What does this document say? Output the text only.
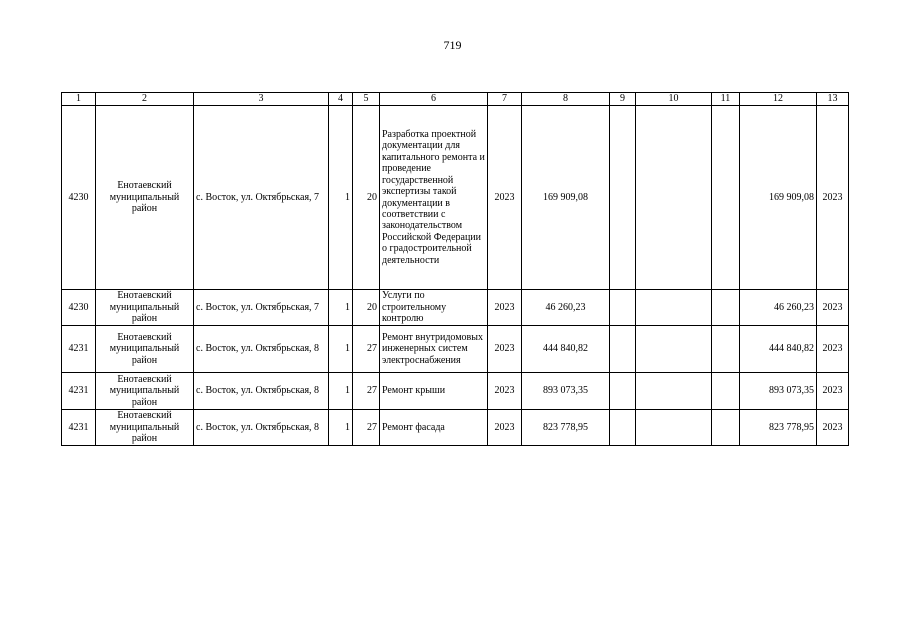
719
1	2	3	4	5	6	7	8	9	10	11	12	13
4230	Енотаевский муниципальный район	с. Восток, ул. Октябрьская, 7	1	20	Разработка проектной документации для капитального ремонта и проведение государственной экспертизы такой документации в соответствии с законодательством Российской Федерации о градостроительной деятельности	2023	169 909,08				169 909,08	2023
4230	Енотаевский муниципальный район	с. Восток, ул. Октябрьская, 7	1	20	Услуги по строительному контролю	2023	46 260,23				46 260,23	2023
4231	Енотаевский муниципальный район	с. Восток, ул. Октябрьская, 8	1	27	Ремонт внутридомовых инженерных систем электроснабжения	2023	444 840,82				444 840,82	2023
4231	Енотаевский муниципальный район	с. Восток, ул. Октябрьская, 8	1	27	Ремонт крыши	2023	893 073,35				893 073,35	2023
4231	Енотаевский муниципальный район	с. Восток, ул. Октябрьская, 8	1	27	Ремонт фасада	2023	823 778,95				823 778,95	2023
